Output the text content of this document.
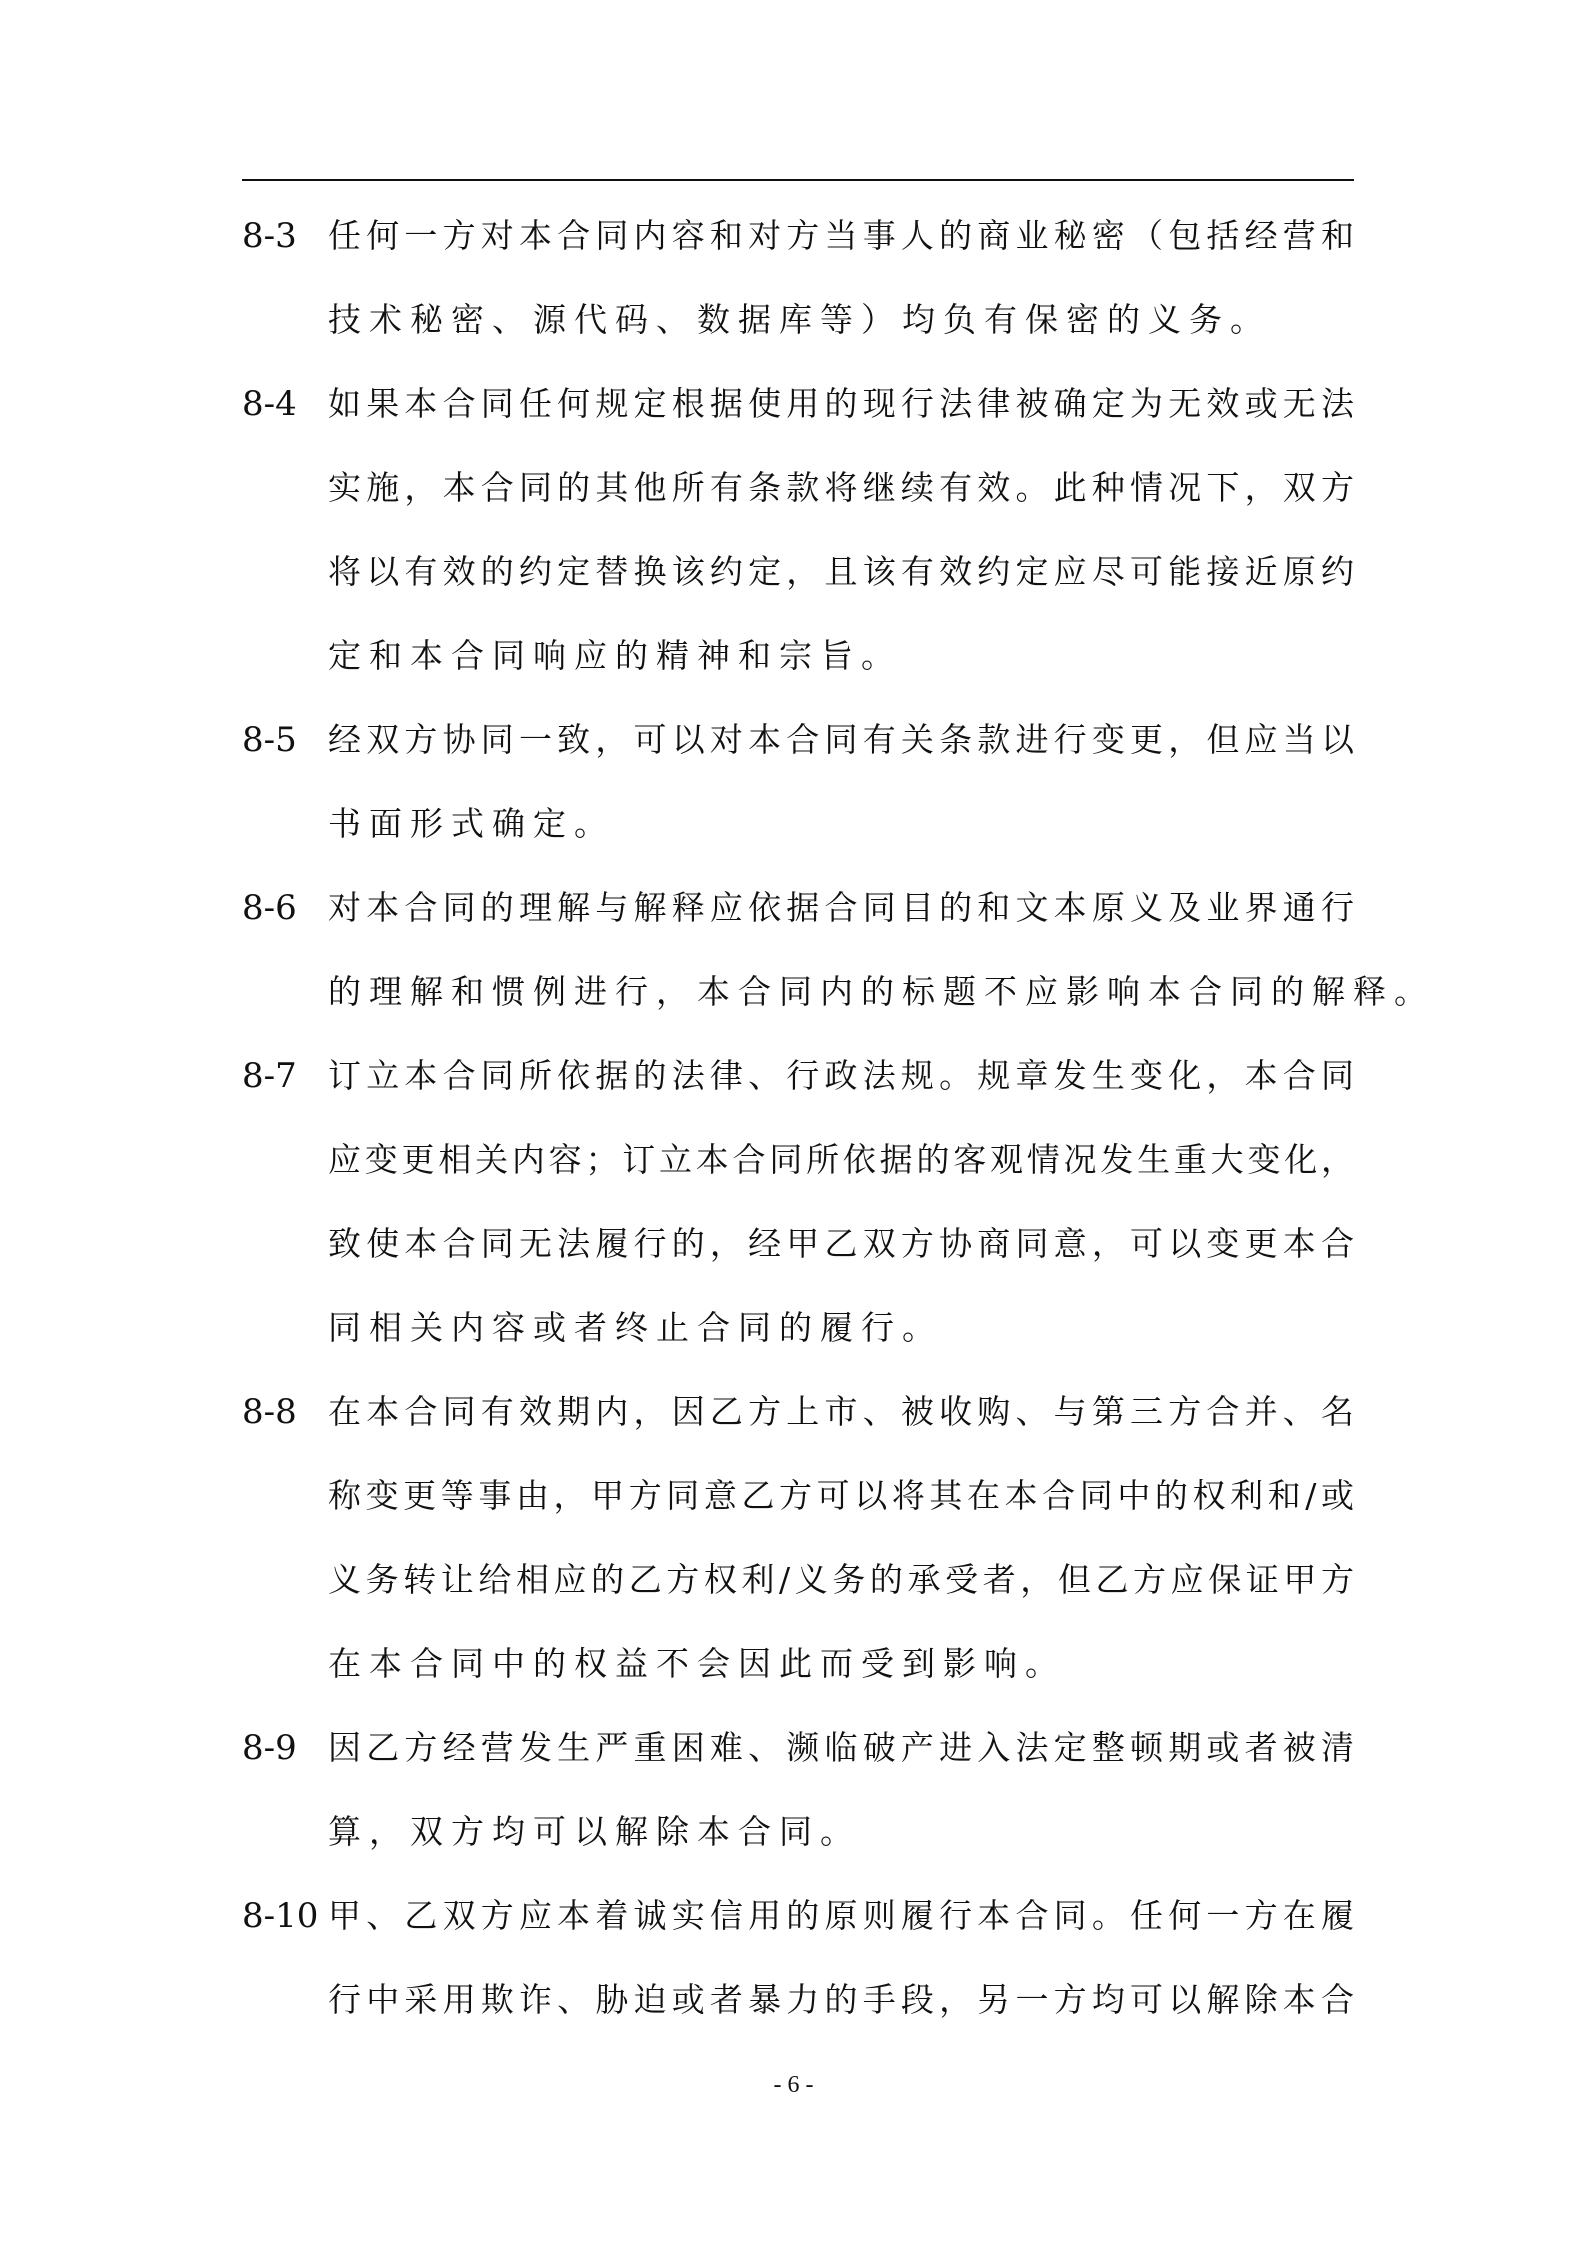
8-3 任何一方对本合同内容和对方当事人的商业秘密（包括经营和
技术秘密、源代码、数据库等）均负有保密的义务。
8-4 如果本合同任何规定根据使用的现行法律被确定为无效或无法
实施，本合同的其他所有条款将继续有效。此种情况下，双方
将以有效的约定替换该约定，且该有效约定应尽可能接近原约
定和本合同响应的精神和宗旨。
8-5 经双方协同一致，可以对本合同有关条款进行变更，但应当以
书面形式确定。
8-6 对本合同的理解与解释应依据合同目的和文本原义及业界通行
的理解和惯例进行，本合同内的标题不应影响本合同的解释。
8-7 订立本合同所依据的法律、行政法规。规章发生变化，本合同
应变更相关内容；订立本合同所依据的客观情况发生重大变化，
致使本合同无法履行的，经甲乙双方协商同意，可以变更本合
同相关内容或者终止合同的履行。
8-8 在本合同有效期内，因乙方上市、被收购、与第三方合并、名
称变更等事由，甲方同意乙方可以将其在本合同中的权利和/或
义务转让给相应的乙方权利/义务的承受者，但乙方应保证甲方
在本合同中的权益不会因此而受到影响。
8-9 因乙方经营发生严重困难、濒临破产进入法定整顿期或者被清
算，双方均可以解除本合同。
8-10 甲、乙双方应本着诚实信用的原则履行本合同。任何一方在履
行中采用欺诈、胁迫或者暴力的手段，另一方均可以解除本合
- 6 -
